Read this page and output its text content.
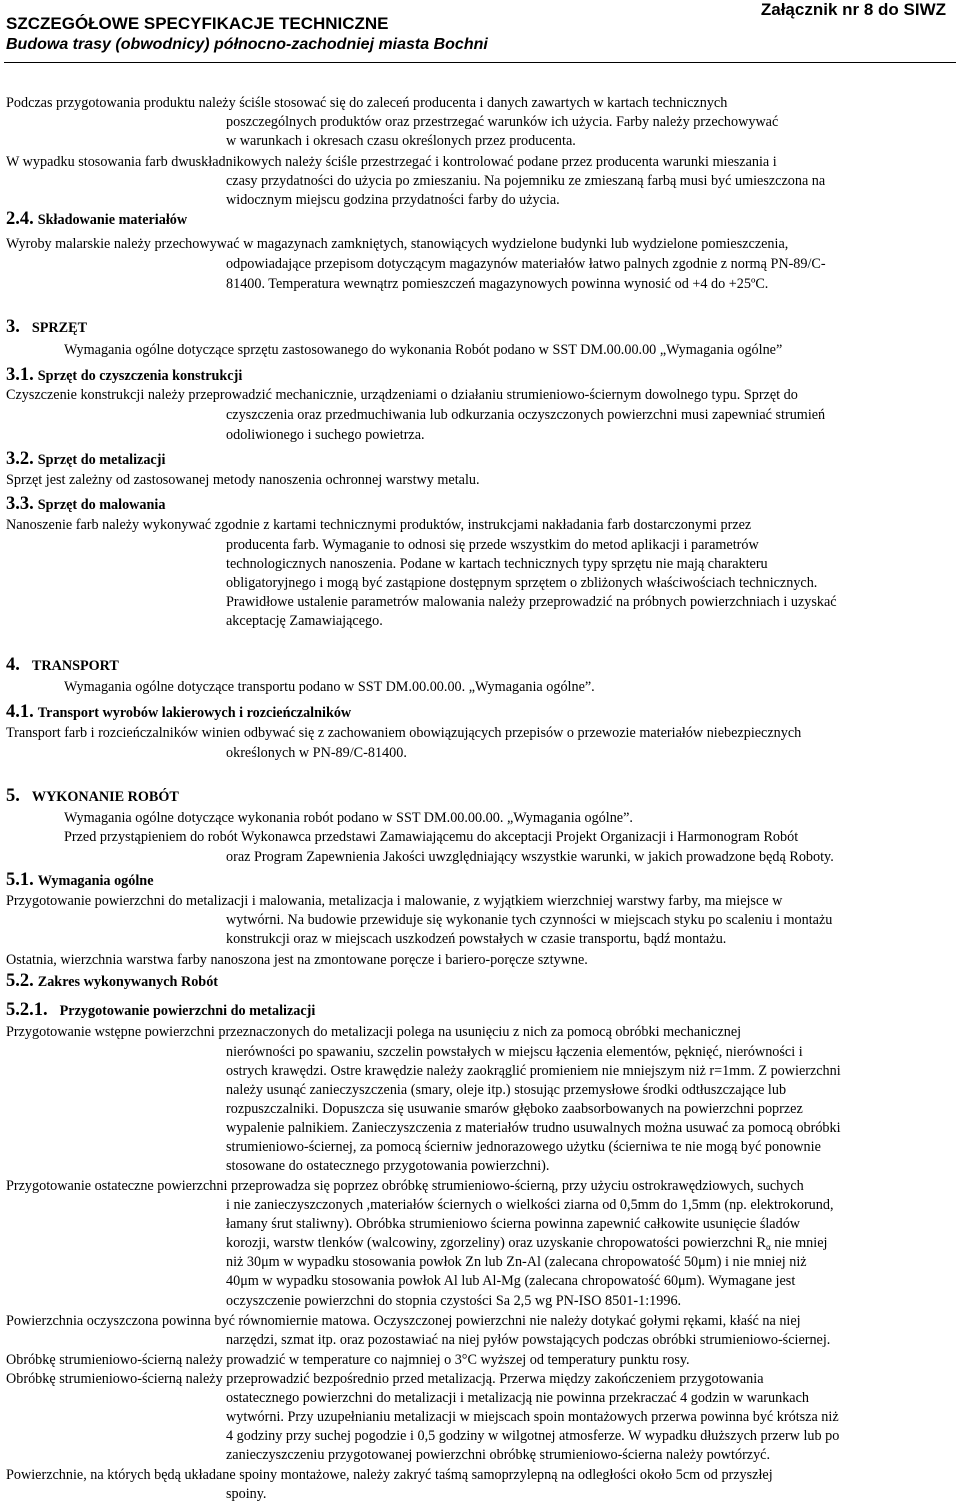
SZCZEGÓŁOWE SPECYFIKACJE TECHNICZNE
Budowa trasy (obwodnicy) północno-zachodniej miasta Bochni
Załącznik nr 8 do SIWZ
Podczas przygotowania produktu należy ściśle stosować się do zaleceń producenta i danych zawartych w kartach technicznych
poszczególnych produktów oraz przestrzegać warunków ich użycia. Farby należy przechowywać
w warunkach i okresach czasu określonych przez producenta.
W wypadku stosowania farb dwuskładnikowych należy ściśle przestrzegać i kontrolować podane przez producenta warunki mieszania i
czasy przydatności do użycia po zmieszaniu. Na pojemniku ze zmieszaną farbą musi być umieszczona na
widocznym miejscu godzina przydatności farby do użycia.
2.4. Składowanie materiałów
Wyroby malarskie należy przechowywać w magazynach zamkniętych, stanowiących wydzielone budynki lub wydzielone pomieszczenia,
odpowiadające przepisom dotyczącym magazynów materiałów łatwo palnych zgodnie z normą PN-89/C-
81400. Temperatura wewnątrz pomieszczeń magazynowych powinna wynosić od +4 do +25ºC.
3. SPRZĘT
Wymagania ogólne dotyczące sprzętu zastosowanego do wykonania Robót podano w SST DM.00.00.00 „Wymagania ogólne”
3.1. Sprzęt do czyszczenia konstrukcji
Czyszczenie konstrukcji należy przeprowadzić mechanicznie, urządzeniami o działaniu strumieniowo-ściernym dowolnego typu. Sprzęt do
czyszczenia oraz przedmuchiwania lub odkurzania oczyszczonych powierzchni musi zapewniać strumień
odoliwionego i suchego powietrza.
3.2. Sprzęt do metalizacji
Sprzęt jest zależny od zastosowanej metody nanoszenia ochronnej warstwy metalu.
3.3. Sprzęt do malowania
Nanoszenie farb należy wykonywać zgodnie z kartami technicznymi produktów, instrukcjami nakładania farb dostarczonymi przez
producenta farb. Wymaganie to odnosi się przede wszystkim do metod aplikacji i parametrów
technologicznych nanoszenia. Podane w kartach technicznych typy sprzętu nie mają charakteru
obligatoryjnego i mogą być zastąpione dostępnym sprzętem o zbliżonych właściwościach technicznych.
Prawidłowe ustalenie parametrów malowania należy przeprowadzić na próbnych powierzchniach i uzyskać
akceptację Zamawiającego.
4. TRANSPORT
Wymagania ogólne dotyczące transportu podano w SST DM.00.00.00. „Wymagania ogólne”.
4.1. Transport wyrobów lakierowych i rozcieńczalników
Transport farb i rozcieńczalników winien odbywać się z zachowaniem obowiązujących przepisów o przewozie materiałów niebezpiecznych
określonych w PN-89/C-81400.
5. WYKONANIE ROBÓT
Wymagania ogólne dotyczące wykonania robót podano w SST DM.00.00.00. „Wymagania ogólne”.
Przed przystąpieniem do robót Wykonawca przedstawi Zamawiającemu do akceptacji Projekt Organizacji i Harmonogram Robót
oraz Program Zapewnienia Jakości uwzględniający wszystkie warunki, w jakich prowadzone będą Roboty.
5.1. Wymagania ogólne
Przygotowanie powierzchni do metalizacji i malowania, metalizacja i malowanie, z wyjątkiem wierzchniej warstwy farby, ma miejsce w
wytwórni. Na budowie przewiduje się wykonanie tych czynności w miejscach styku po scaleniu i montażu
konstrukcji oraz w miejscach uszkodzeń powstałych w czasie transportu, bądź montażu.
Ostatnia, wierzchnia warstwa farby nanoszona jest na zmontowane poręcze i bariero-poręcze sztywne.
5.2. Zakres wykonywanych Robót
5.2.1. Przygotowanie powierzchni do metalizacji
Przygotowanie wstępne powierzchni przeznaczonych do metalizacji polega na usunięciu z nich za pomocą obróbki mechanicznej
nierówności po spawaniu, szczelin powstałych w miejscu łączenia elementów, pęknięć, nierówności i
ostrych krawędzi. Ostre krawędzie należy zaokrąglić promieniem nie mniejszym niż r=1mm. Z powierzchni
należy usunąć zanieczyszczenia (smary, oleje itp.) stosując przemysłowe środki odtłuszczające lub
rozpuszczalniki. Dopuszcza się usuwanie smarów głęboko zaabsorbowanych na powierzchni poprzez
wypalenie palnikiem. Zanieczyszczenia z materiałów trudno usuwalnych można usuwać za pomocą obróbki
strumieniowo-ściernej, za pomocą ścierniw jednorazowego użytku (ścierniwa te nie mogą być ponownie
stosowane do ostatecznego przygotowania powierzchni).
Przygotowanie ostateczne powierzchni przeprowadza się poprzez obróbkę strumieniowo-ścierną, przy użyciu ostrokrawędziowych, suchych
i nie zanieczyszczonych ,materiałów ściernych o wielkości ziarna od 0,5mm do 1,5mm (np. elektrokorund,
łamany śrut staliwny). Obróbka strumieniowo ścierna powinna zapewnić całkowite usunięcie śladów
korozji, warstw tlenków (walcowiny, zgorzeliny) oraz uzyskanie chropowatości powierzchni $R_\alpha$ nie mniej
niż 30μm w wypadku stosowania powłok Zn lub Zn-Al (zalecana chropowatość 50μm) i nie mniej niż
40μm w wypadku stosowania powłok Al lub Al-Mg (zalecana chropowatość 60μm). Wymagane jest
oczyszczenie powierzchni do stopnia czystości Sa 2,5 wg PN-ISO 8501-1:1996.
Powierzchnia oczyszczona powinna być równomiernie matowa. Oczyszczonej powierzchni nie należy dotykać gołymi rękami, kłaść na niej
narzędzi, szmat itp. oraz pozostawiać na niej pyłów powstających podczas obróbki strumieniowo-ściernej.
Obróbkę strumieniowo-ścierną należy prowadzić w temperature co najmniej o 3°C wyższej od temperatury punktu rosy.
Obróbkę strumieniowo-ścierną należy przeprowadzić bezpośrednio przed metalizacją. Przerwa między zakończeniem przygotowania
ostatecznego powierzchni do metalizacji i metalizacją nie powinna przekraczać 4 godzin w warunkach
wytwórni. Przy uzupełnianiu metalizacji w miejscach spoin montażowych przerwa powinna być krótsza niż
4 godziny przy suchej pogodzie i 0,5 godziny w wilgotnej atmosferze. W wypadku dłuższych przerw lub po
zanieczyszczeniu przygotowanej powierzchni obróbkę strumieniowo-ścierna należy powtórzyć.
Powierzchnie, na których będą układane spoiny montażowe, należy zakryć taśmą samoprzylepną na odległości około 5cm od przyszłej
spoiny.
